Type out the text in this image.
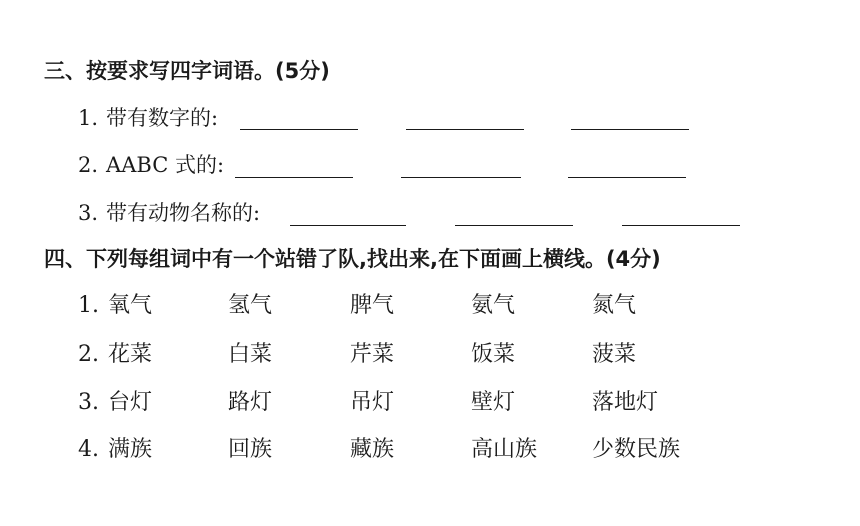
三、按要求写四字词语。(5分)
1. 带有数字的:
2. AABC 式的:
3. 带有动物名称的:
四、下列每组词中有一个站错了队,找出来,在下面画上横线。(4分)
1. 氧气	氢气	脾气	氨气	氮气
2. 花菜	白菜	芹菜	饭菜	菠菜
3. 台灯	路灯	吊灯	壁灯	落地灯
4. 满族	回族	藏族	高山族 少数民族
